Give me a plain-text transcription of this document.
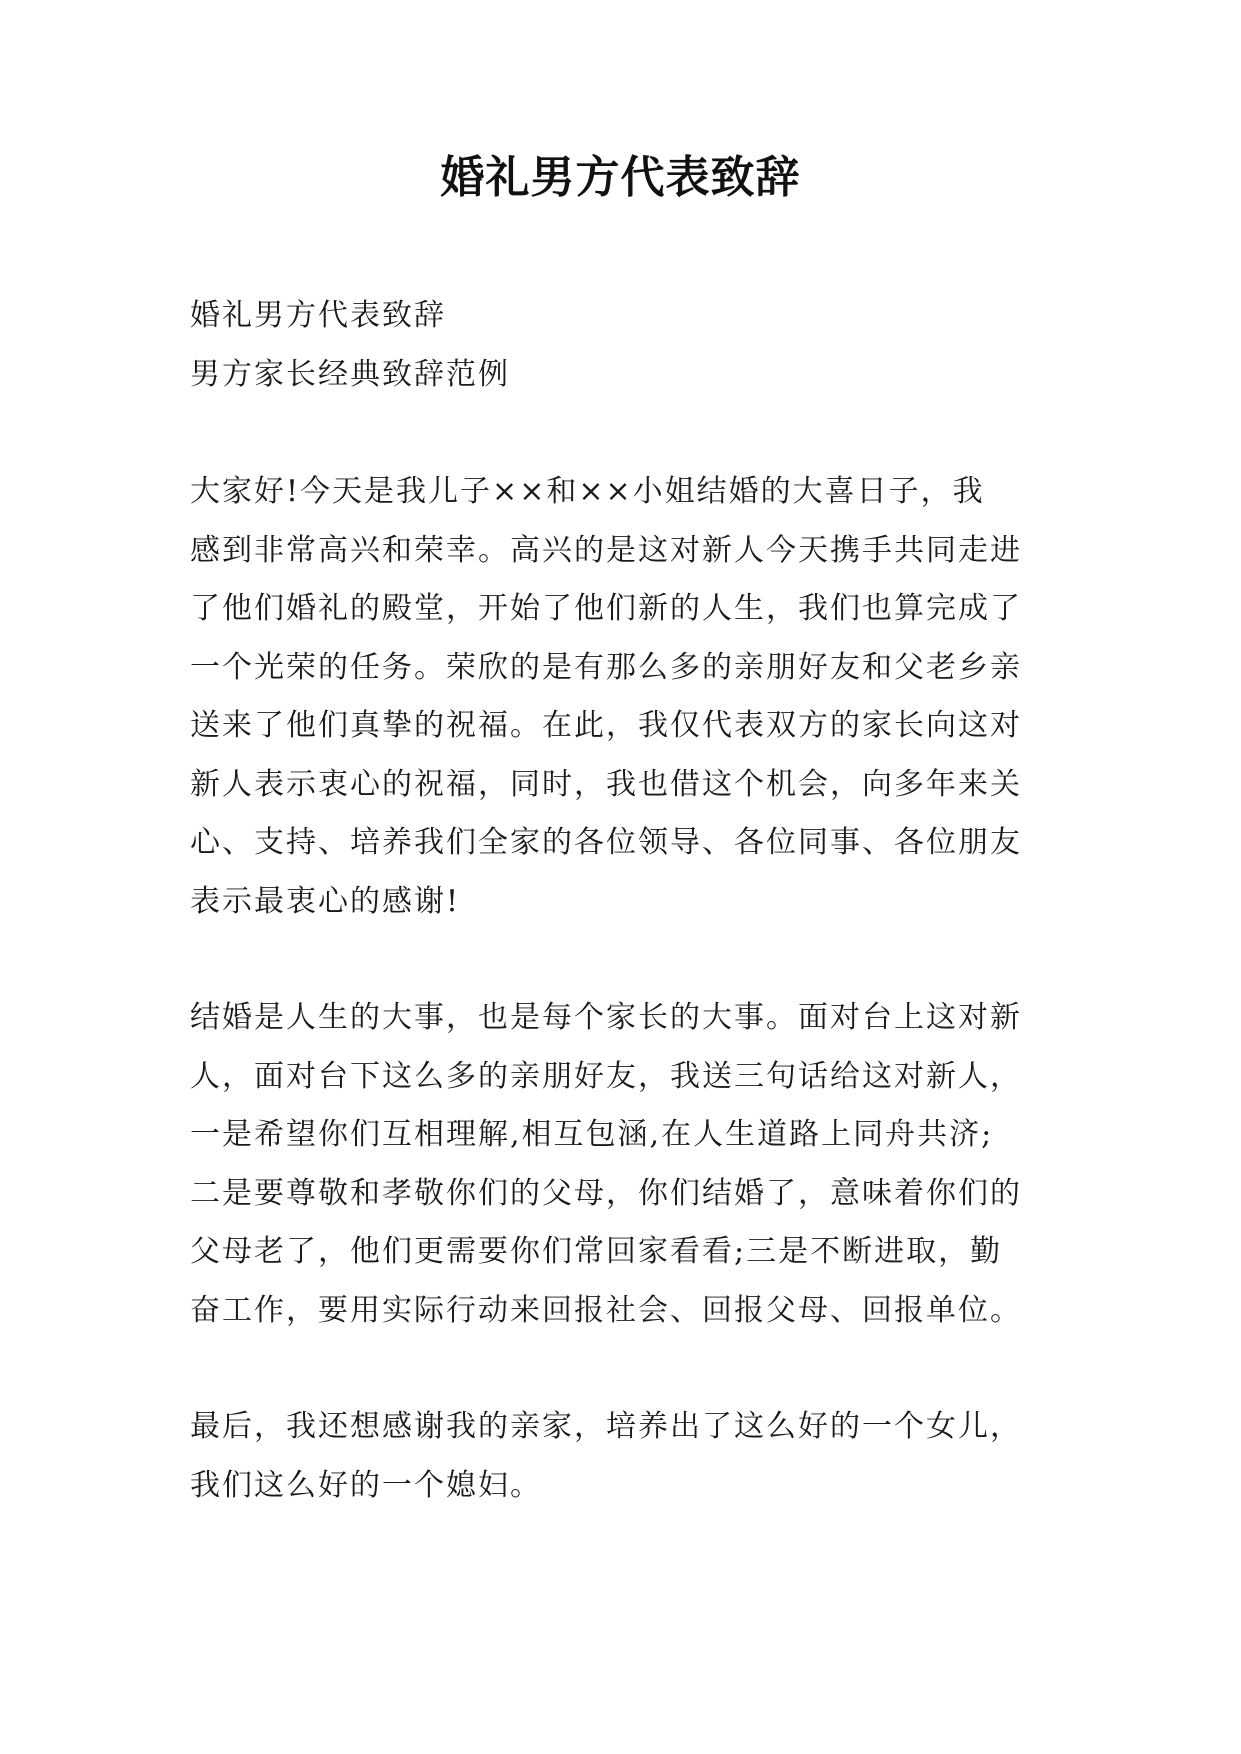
婚礼男方代表致辞

婚礼男方代表致辞
男方家长经典致辞范例

大家好!今天是我儿子××和××小姐结婚的大喜日子，我
感到非常高兴和荣幸。高兴的是这对新人今天携手共同走进
了他们婚礼的殿堂，开始了他们新的人生，我们也算完成了
一个光荣的任务。荣欣的是有那么多的亲朋好友和父老乡亲
送来了他们真挚的祝福。在此，我仅代表双方的家长向这对
新人表示衷心的祝福，同时，我也借这个机会，向多年来关
心、支持、培养我们全家的各位领导、各位同事、各位朋友
表示最衷心的感谢!

结婚是人生的大事，也是每个家长的大事。面对台上这对新
人，面对台下这么多的亲朋好友，我送三句话给这对新人，
一是希望你们互相理解,相互包涵,在人生道路上同舟共济;
二是要尊敬和孝敬你们的父母，你们结婚了，意味着你们的
父母老了，他们更需要你们常回家看看;三是不断进取，勤
奋工作，要用实际行动来回报社会、回报父母、回报单位。

最后，我还想感谢我的亲家，培养出了这么好的一个女儿，
我们这么好的一个媳妇。
